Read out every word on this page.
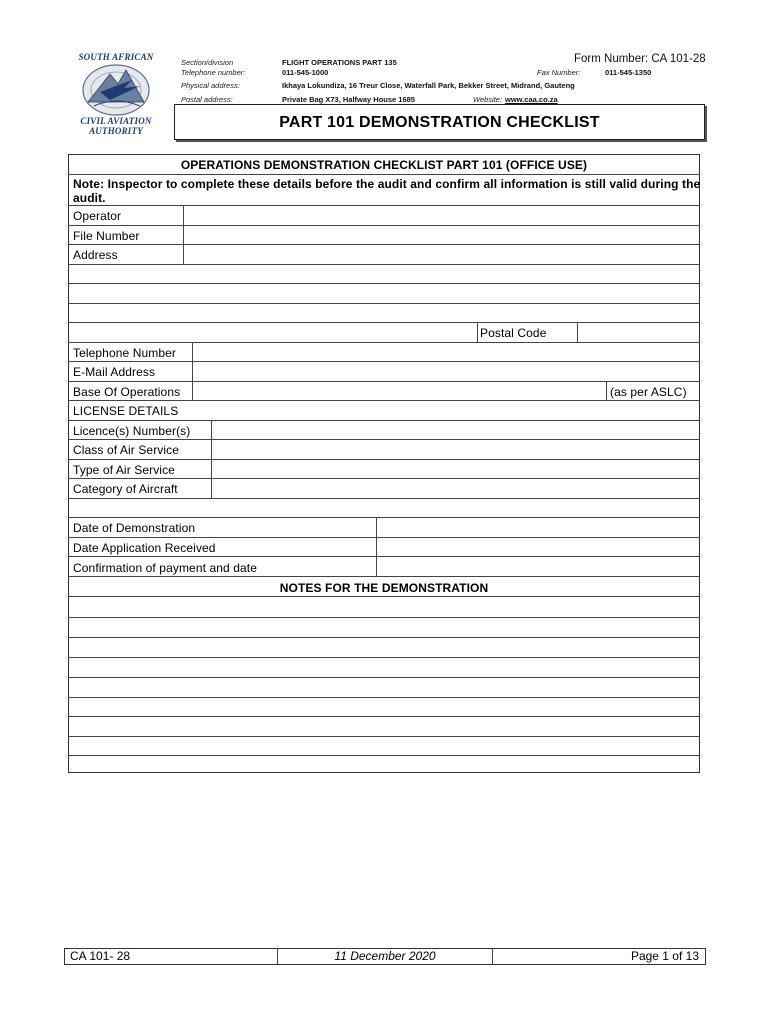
SOUTH AFRICAN
CIVIL AVIATION
AUTHORITY
Section/division	FLIGHT OPERATIONS PART 135	Form Number: CA 101-28
Telephone number:	011-545-1000	Fax Number:	011-545-1350
Physical address:	Ikhaya Lokundiza, 16 Treur Close, Waterfall Park, Bekker Street, Midrand, Gauteng
Postal address:	Private Bag X73, Halfway House 1685	Website: www.caa.co.za
PART 101 DEMONSTRATION CHECKLIST
OPERATIONS DEMONSTRATION CHECKLIST PART 101 (OFFICE USE)
Note: Inspector to complete these details before the audit and confirm all information is still valid during the
audit.
Operator
File Number
Address
Postal Code
Telephone Number
E-Mail Address
Base Of Operations	(as per ASLC)
LICENSE DETAILS
Licence(s) Number(s)
Class of Air Service
Type of Air Service
Category of Aircraft
Date of Demonstration
Date Application Received
Confirmation of payment and date
NOTES FOR THE DEMONSTRATION
CA 101- 28	11 December 2020	Page 1 of 13
